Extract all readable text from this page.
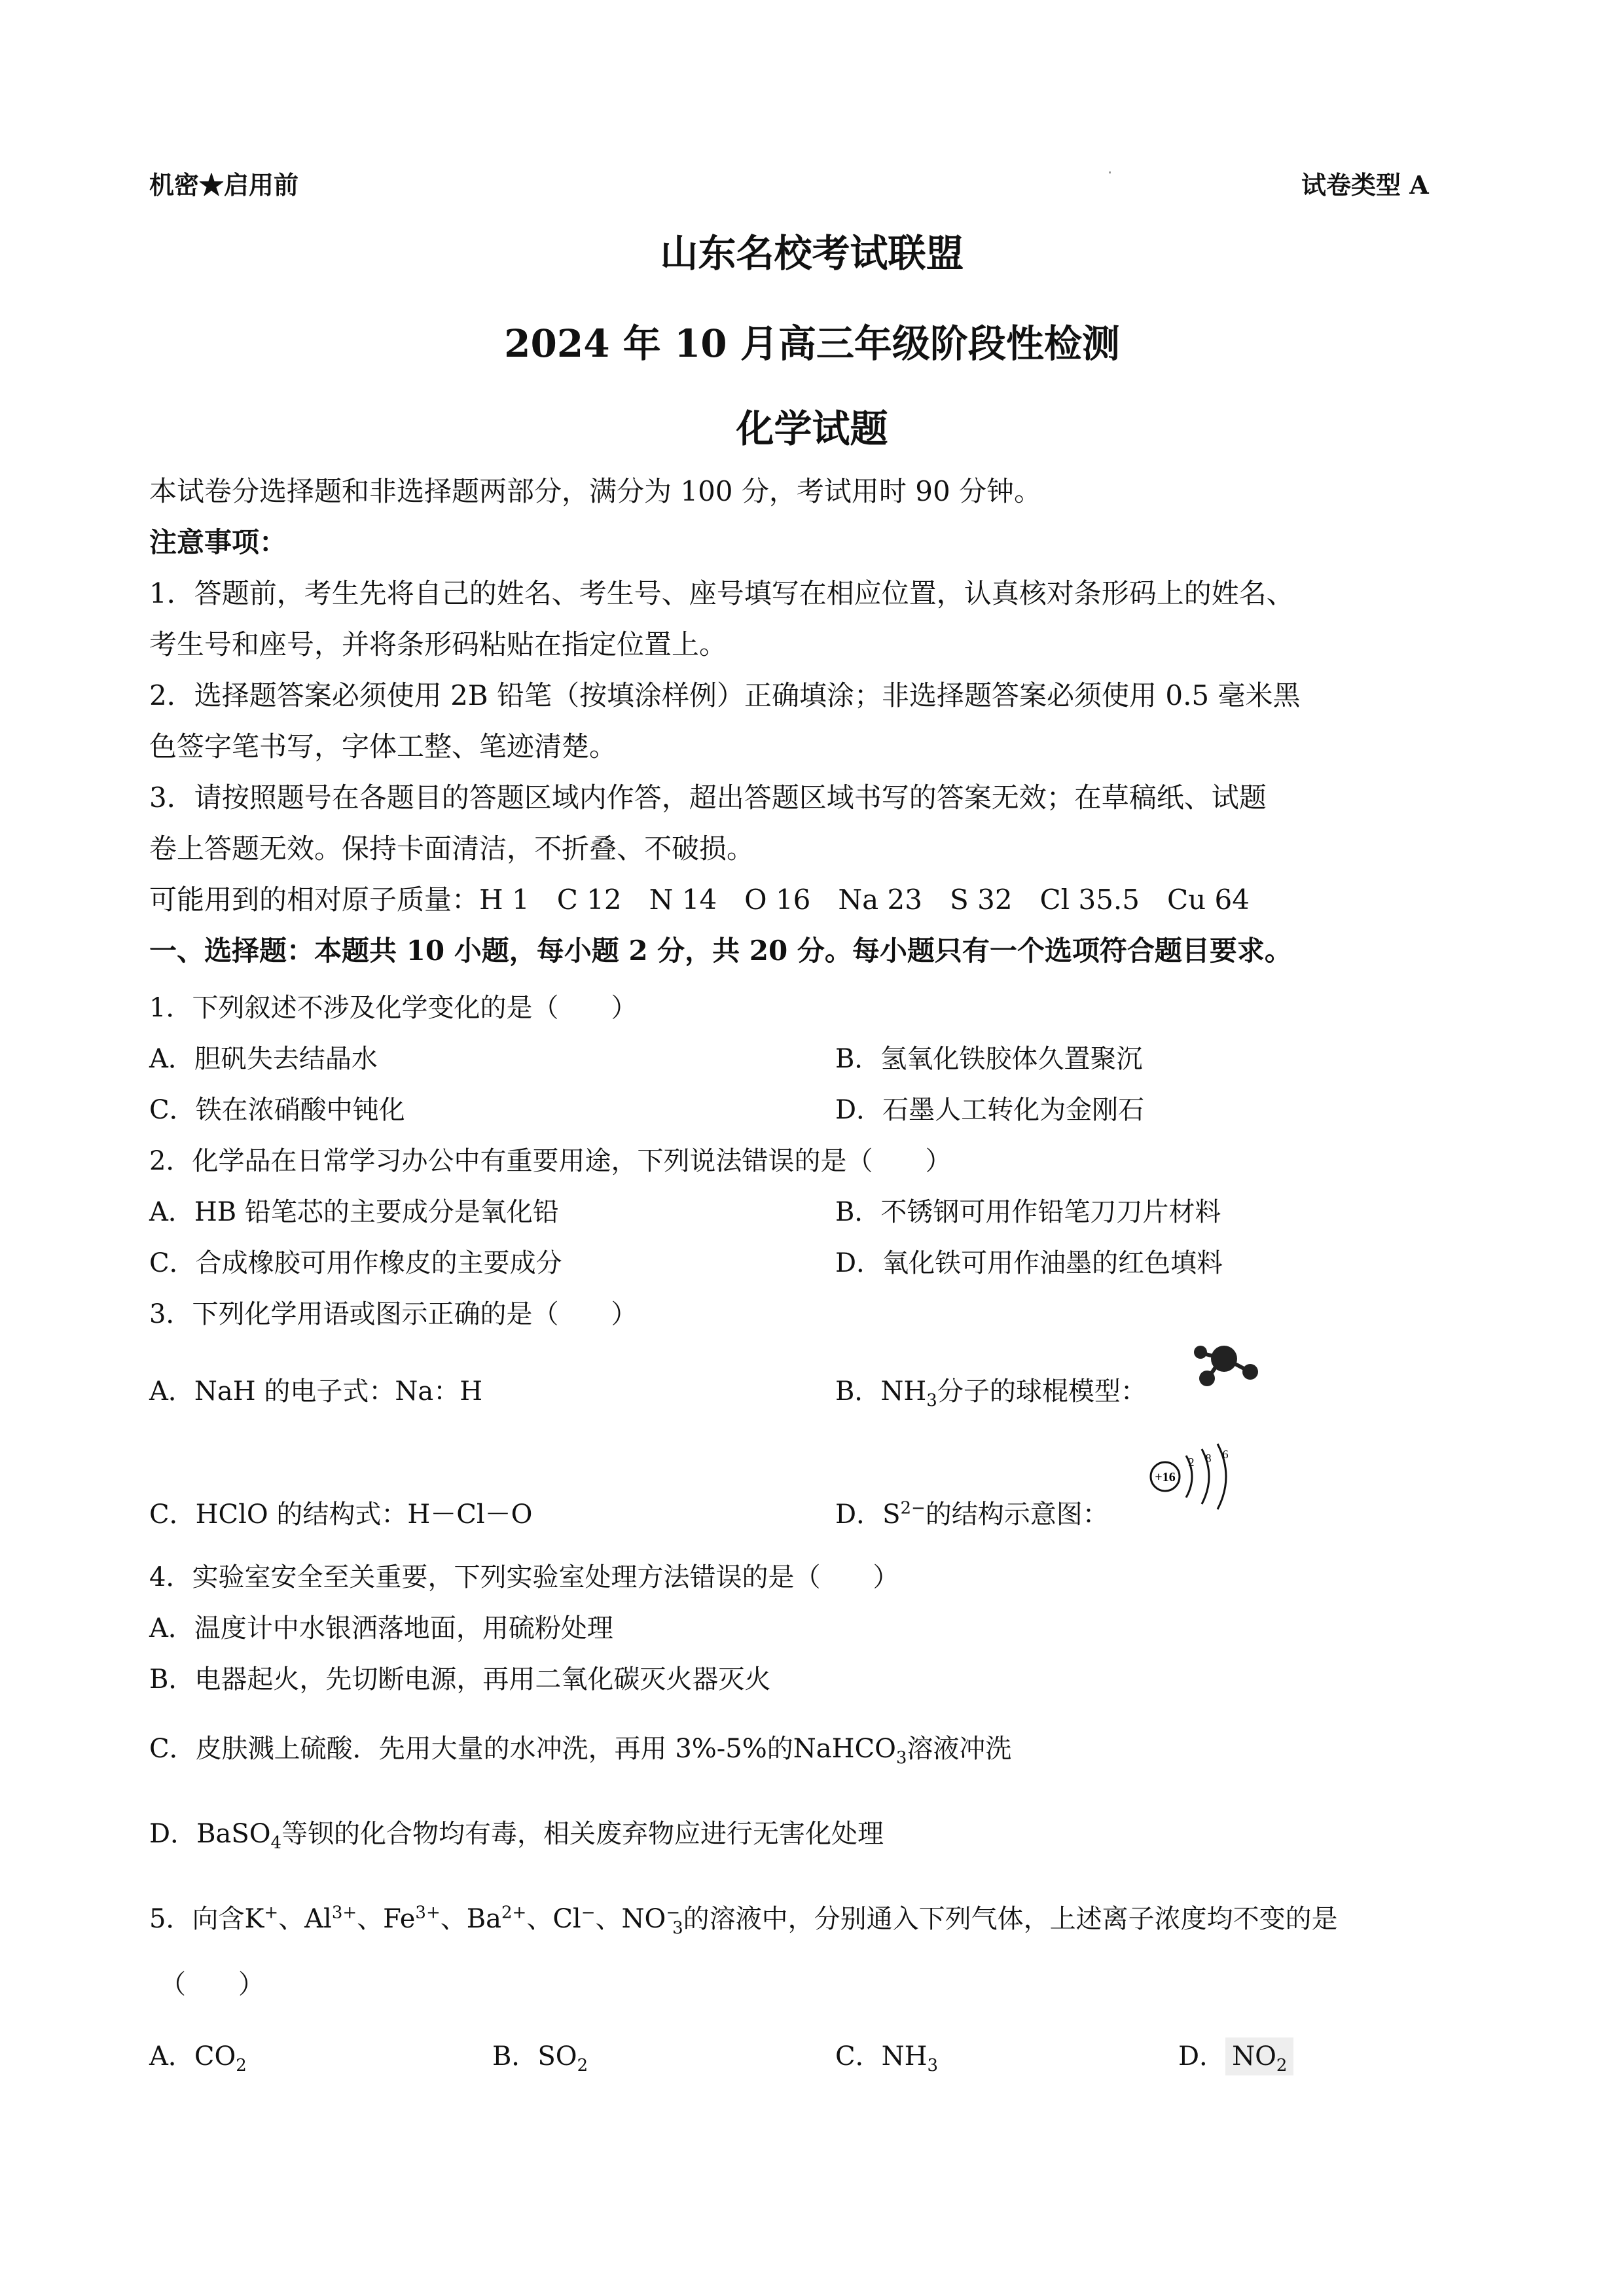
机密★启用前	试卷类型 A
山东名校考试联盟
2024 年 10 月高三年级阶段性检测
化学试题
本试卷分选择题和非选择题两部分，满分为 100 分，考试用时 90 分钟。
注意事项：
1．答题前，考生先将自己的姓名、考生号、座号填写在相应位置，认真核对条形码上的姓名、
考生号和座号，并将条形码粘贴在指定位置上。
2．选择题答案必须使用 2B 铅笔（按填涂样例）正确填涂；非选择题答案必须使用 0.5 毫米黑
色签字笔书写，字体工整、笔迹清楚。
3．请按照题号在各题目的答题区域内作答，超出答题区域书写的答案无效；在草稿纸、试题
卷上答题无效。保持卡面清洁，不折叠、不破损。
可能用到的相对原子质量：H 1　C 12　N 14　O 16　Na 23　S 32　Cl 35.5　Cu 64
一、选择题：本题共 10 小题，每小题 2 分，共 20 分。每小题只有一个选项符合题目要求。
1．下列叙述不涉及化学变化的是（　　）
A．胆矾失去结晶水	B．氢氧化铁胶体久置聚沉
C．铁在浓硝酸中钝化	D．石墨人工转化为金刚石
2．化学品在日常学习办公中有重要用途，下列说法错误的是（　　）
A．HB 铅笔芯的主要成分是氧化铅	B．不锈钢可用作铅笔刀刀片材料
C．合成橡胶可用作橡皮的主要成分	D．氧化铁可用作油墨的红色填料
3．下列化学用语或图示正确的是（　　）
A．NaH 的电子式：Na：H	B．$NH_3$分子的球棍模型：
C．HClO 的结构式：H－Cl－O	D．$S^{2-}$的结构示意图：
+16
2 8 6
4．实验室安全至关重要，下列实验室处理方法错误的是（　　）
A．温度计中水银洒落地面，用硫粉处理
B．电器起火，先切断电源，再用二氧化碳灭火器灭火
C．皮肤溅上硫酸．先用大量的水冲洗，再用 3%-5%的NaHCO$_3$溶液冲洗
D．BaSO$_4$等钡的化合物均有毒，相关废弃物应进行无害化处理
5．向含K+、$Al^{3+}$、$Fe^{3+}$、$Ba^{2+}$、Cl−、$NO^-_3$的溶液中，分别通入下列气体，上述离子浓度均不变的是
（　　）
A．$CO_2$	B．$SO_2$	C．$NH_3$	D． $NO_2$
